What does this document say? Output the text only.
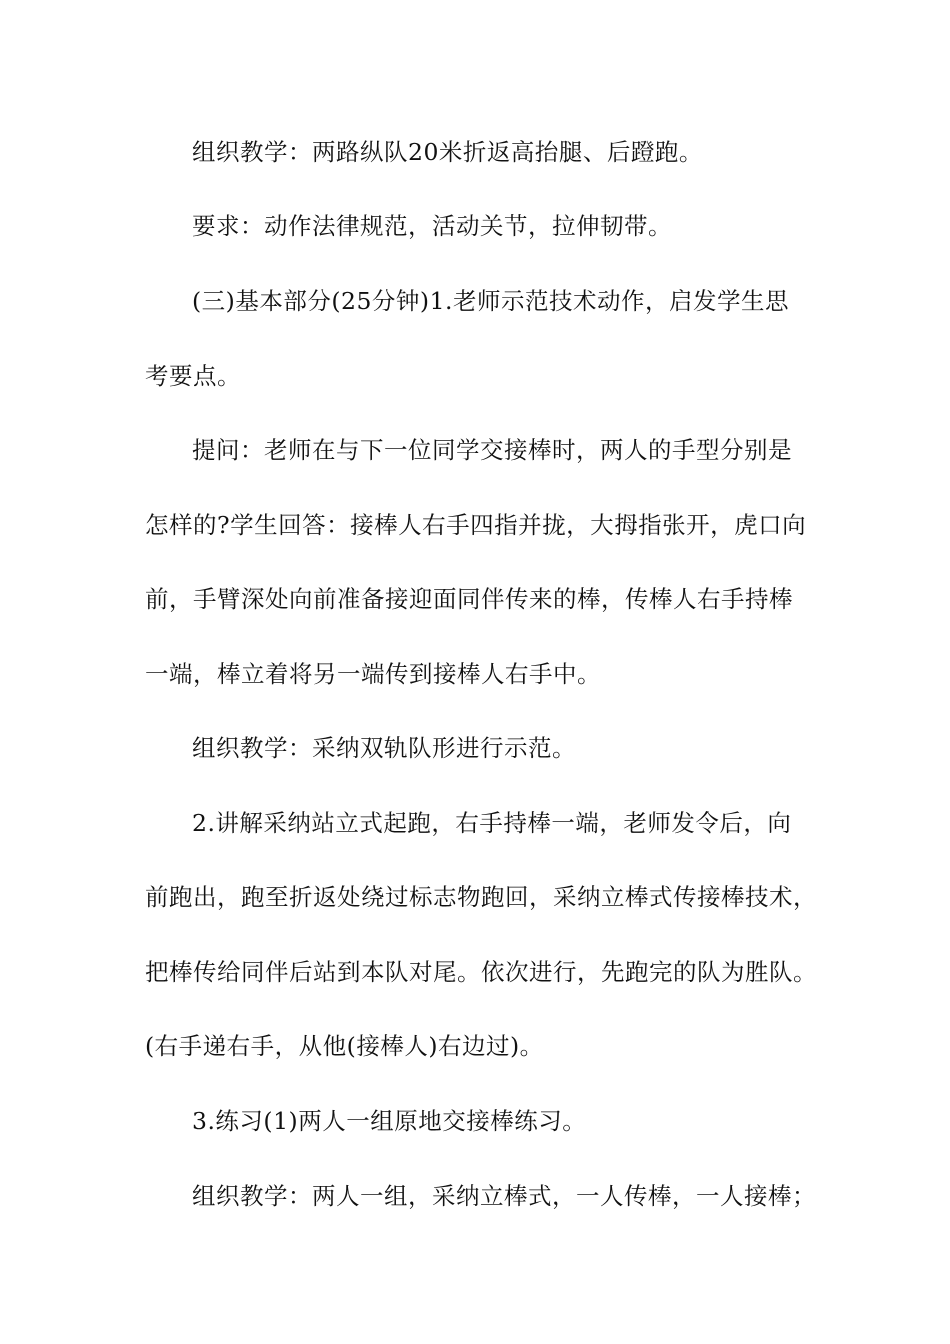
组织教学：两路纵队20米折返高抬腿、后蹬跑。
要求：动作法律规范，活动关节，拉伸韧带。
(三)基本部分(25分钟)1.老师示范技术动作，启发学生思
考要点。
提问：老师在与下一位同学交接棒时，两人的手型分别是
怎样的?学生回答：接棒人右手四指并拢，大拇指张开，虎口向
前，手臂深处向前准备接迎面同伴传来的棒，传棒人右手持棒
一端，棒立着将另一端传到接棒人右手中。
组织教学：采纳双轨队形进行示范。
2.讲解采纳站立式起跑，右手持棒一端，老师发令后，向
前跑出，跑至折返处绕过标志物跑回，采纳立棒式传接棒技术，
把棒传给同伴后站到本队对尾。依次进行，先跑完的队为胜队。
(右手递右手，从他(接棒人)右边过)。
3.练习(1)两人一组原地交接棒练习。
组织教学：两人一组，采纳立棒式，一人传棒，一人接棒；
